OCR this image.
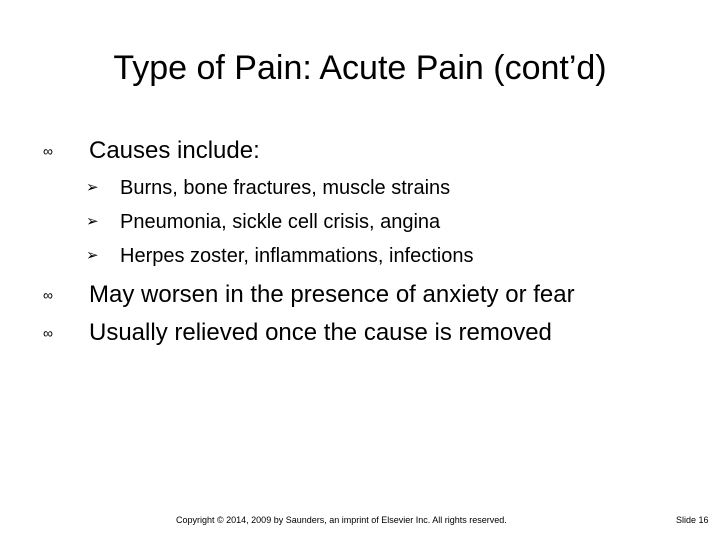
Type of Pain: Acute Pain (cont’d)
∞ Causes include:
➢ Burns, bone fractures, muscle strains
➢ Pneumonia, sickle cell crisis, angina
➢ Herpes zoster, inflammations, infections
∞ May worsen in the presence of anxiety or fear
∞ Usually relieved once the cause is removed
Copyright © 2014, 2009 by Saunders, an imprint of Elsevier Inc. All rights reserved.	Slide 16
